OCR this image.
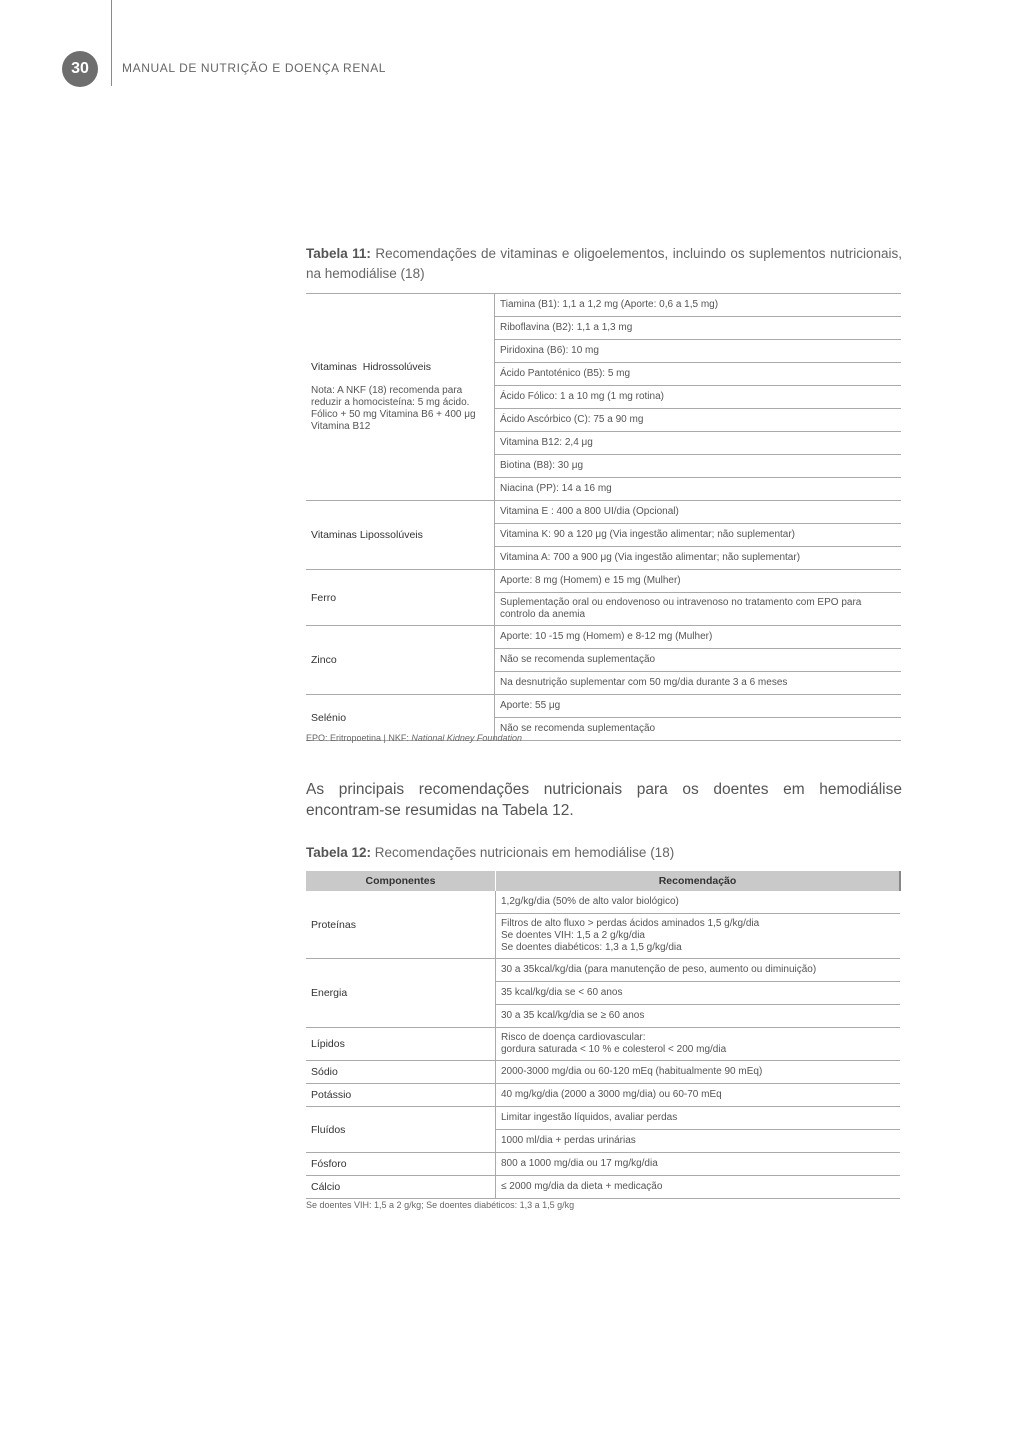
30	MANUAL DE NUTRIÇÃO E DOENÇA RENAL
Tabela 11: Recomendações de vitaminas e oligoelementos, incluindo os suplementos nutricionais, na hemodiálise (18)
Vitaminas  Hidrossolúveis
Nota: A NKF (18) recomenda para reduzir a homocisteína: 5 mg ácido. Fólico + 50 mg Vitamina B6 + 400 μg Vitamina B12	Tiamina (B1): 1,1 a 1,2 mg (Aporte: 0,6 a 1,5 mg)
	Riboflavina (B2): 1,1 a 1,3 mg
	Piridoxina (B6): 10 mg
	Ácido Pantoténico (B5): 5 mg
	Ácido Fólico: 1 a 10 mg (1 mg rotina)
	Ácido Ascórbico (C): 75 a 90 mg
	Vitamina B12: 2,4 μg
	Biotina (B8): 30 μg
	Niacina (PP): 14 a 16 mg

Vitaminas Lipossolúveis	Vitamina E : 400 a 800 UI/dia (Opcional)
	Vitamina K: 90 a 120 μg (Via ingestão alimentar; não suplementar)
	Vitamina A: 700 a 900 μg (Via ingestão alimentar; não suplementar)

Ferro	Aporte: 8 mg (Homem) e 15 mg (Mulher)
	Suplementação oral ou endovenoso ou intravenoso no tratamento com EPO para controlo da anemia

Zinco	Aporte: 10 -15 mg (Homem) e 8-12 mg (Mulher)
	Não se recomenda suplementação
	Na desnutrição suplementar com 50 mg/dia durante 3 a 6 meses

Selénio	Aporte: 55 μg
	Não se recomenda suplementação
EPO: Eritropoetina | NKF: National Kidney Foundation
As principais recomendações nutricionais para os doentes em hemodiálise encontram-se resumidas na Tabela 12.
Tabela 12: Recomendações nutricionais em hemodiálise (18)
Componentes	Recomendação

Proteínas	1,2g/kg/dia (50% de alto valor biológico)
	Filtros de alto fluxo > perdas ácidos aminados 1,5 g/kg/dia
Se doentes VIH: 1,5 a 2 g/kg/dia
Se doentes diabéticos: 1,3 a 1,5 g/kg/dia

Energia	30 a 35kcal/kg/dia (para manutenção de peso, aumento ou diminuição)
	35 kcal/kg/dia se < 60 anos
	30 a 35 kcal/kg/dia se ≥ 60 anos

Lípidos	Risco de doença cardiovascular:
gordura saturada < 10 % e colesterol < 200 mg/dia

Sódio	2000-3000 mg/dia ou 60-120 mEq (habitualmente 90 mEq)

Potássio	40 mg/kg/dia (2000 a 3000 mg/dia) ou 60-70 mEq

Fluídos	Limitar ingestão líquidos, avaliar perdas
	1000 ml/dia + perdas urinárias

Fósforo	800 a 1000 mg/dia ou 17 mg/kg/dia

Cálcio	≤ 2000 mg/dia da dieta + medicação
Se doentes VIH: 1,5 a 2 g/kg; Se doentes diabéticos: 1,3 a 1,5 g/kg
